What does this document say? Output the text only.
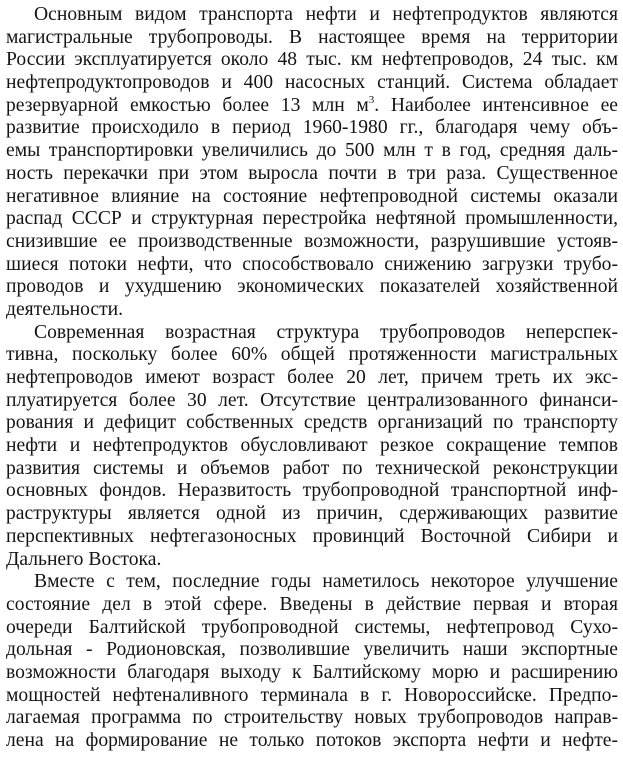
Основным видом транспорта нефти и нефтепродуктов являются
магистральные трубопроводы. В настоящее время на территории
России эксплуатируется около 48 тыс. км нефтепроводов, 24 тыс. км
нефтепродуктопроводов и 400 насосных станций. Система обладает
резервуарной емкостью более 13 млн $м^3$. Наиболее интенсивное ее
развитие происходило в период 1960-1980 гг., благодаря чему объ-
емы транспортировки увеличились до 500 млн т в год, средняя даль-
ность перекачки при этом выросла почти в три раза. Существенное
негативное влияние на состояние нефтепроводной системы оказали
распад СССР и структурная перестройка нефтяной промышленности,
снизившие ее производственные возможности, разрушившие устояв-
шиеся потоки нефти, что способствовало снижению загрузки трубо-
проводов и ухудшению экономических показателей хозяйственной
деятельности.
Современная возрастная структура трубопроводов неперспек-
тивна, поскольку более 60% общей протяженности магистральных
нефтепроводов имеют возраст более 20 лет, причем треть их экс-
плуатируется более 30 лет. Отсутствие централизованного финанси-
рования и дефицит собственных средств организаций по транспорту
нефти и нефтепродуктов обусловливают резкое сокращение темпов
развития системы и объемов работ по технической реконструкции
основных фондов. Неразвитость трубопроводной транспортной инф-
раструктуры является одной из причин, сдерживающих развитие
перспективных нефтегазоносных провинций Восточной Сибири и
Дальнего Востока.
Вместе с тем, последние годы наметилось некоторое улучшение
состояние дел в этой сфере. Введены в действие первая и вторая
очереди Балтийской трубопроводной системы, нефтепровод Сухо-
дольная - Родионовская, позволившие увеличить наши экспортные
возможности благодаря выходу к Балтийскому морю и расширению
мощностей нефтеналивного терминала в г. Новороссийске. Предпо-
лагаемая программа по строительству новых трубопроводов направ-
лена на формирование не только потоков экспорта нефти и нефте-
